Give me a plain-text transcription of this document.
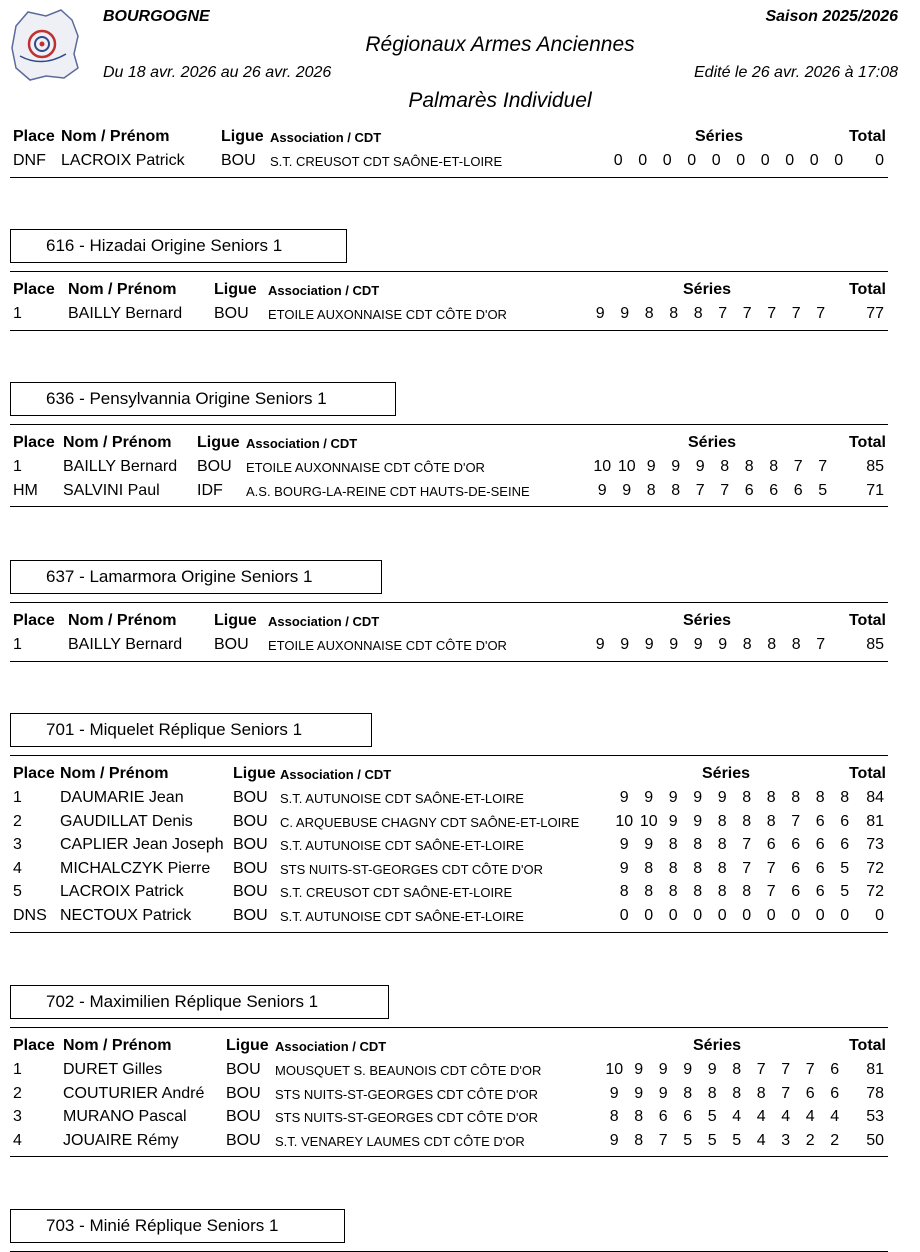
BOURGOGNE	Saison 2025/2026
Régionaux Armes Anciennes
Du 18 avr. 2026 au 26 avr. 2026	Edité le 26 avr. 2026 à 17:08
Palmarès Individuel
Place Nom / Prénom	Ligue Association / CDT	Séries	Total
DNF LACROIX Patrick BOU S.T. CREUSOT CDT SAÔNE-ET-LOIRE	0 0 0 0 0 0 0 0 0 0	0
616 - Hizadai Origine Seniors 1
Place Nom / Prénom Ligue Association / CDT	Séries	Total
1	BAILLY Bernard BOU ETOILE AUXONNAISE CDT CÔTE D'OR	9 9 8 8 8 7 7 7 7 7	77
636 - Pensylvannia Origine Seniors 1
Place Nom / Prénom Ligue Association / CDT	Séries	Total
1	BAILLY Bernard BOU ETOILE AUXONNAISE CDT CÔTE D'OR	10 10 9 9 9 8 8 8 7 7	85
HM SALVINI Paul IDF A.S. BOURG-LA-REINE CDT HAUTS-DE-SEINE	9 9 8 8 7 7 6 6 6 5	71
637 - Lamarmora Origine Seniors 1
Place Nom / Prénom Ligue Association / CDT	Séries	Total
1	BAILLY Bernard BOU ETOILE AUXONNAISE CDT CÔTE D'OR	9 9 9 9 9 9 8 8 8 7	85
701 - Miquelet Réplique Seniors 1
Place Nom / Prénom	Ligue Association / CDT	Séries	Total
1 DAUMARIE Jean	BOU S.T. AUTUNOISE CDT SAÔNE-ET-LOIRE	9 9 9 9 9 8 8 8 8 8	84
2 GAUDILLAT Denis	BOU C. ARQUEBUSE CHAGNY CDT SAÔNE-ET-LOIRE 10 10 9 9 8 8 8 7 6 6	81
3 CAPLIER Jean Joseph BOU S.T. AUTUNOISE CDT SAÔNE-ET-LOIRE	9 9 8 8 8 7 6 6 6 6	73
4 MICHALCZYK Pierre BOU STS NUITS-ST-GEORGES CDT CÔTE D'OR	9 8 8 8 8 7 7 6 6 5	72
5 LACROIX Patrick	BOU S.T. CREUSOT CDT SAÔNE-ET-LOIRE	8 8 8 8 8 8 7 6 6 5	72
DNS NECTOUX Patrick	BOU S.T. AUTUNOISE CDT SAÔNE-ET-LOIRE	0 0 0 0 0 0 0 0 0 0	0
702 - Maximilien Réplique Seniors 1
Place Nom / Prénom	Ligue Association / CDT	Séries	Total
1	DURET Gilles	BOU MOUSQUET S. BEAUNOIS CDT CÔTE D'OR	10 9 9 9 9 8 7 7 7 6	81
2	COUTURIER André BOU STS NUITS-ST-GEORGES CDT CÔTE D'OR	9 9 9 8 8 8 8 7 6 6	78
3	MURANO Pascal BOU STS NUITS-ST-GEORGES CDT CÔTE D'OR	8 8 6 6 5 4 4 4 4 4	53
4	JOUAIRE Rémy	BOU S.T. VENAREY LAUMES CDT CÔTE D'OR	9 8 7 5 5 5 4 3 2 2	50
703 - Minié Réplique Seniors 1
